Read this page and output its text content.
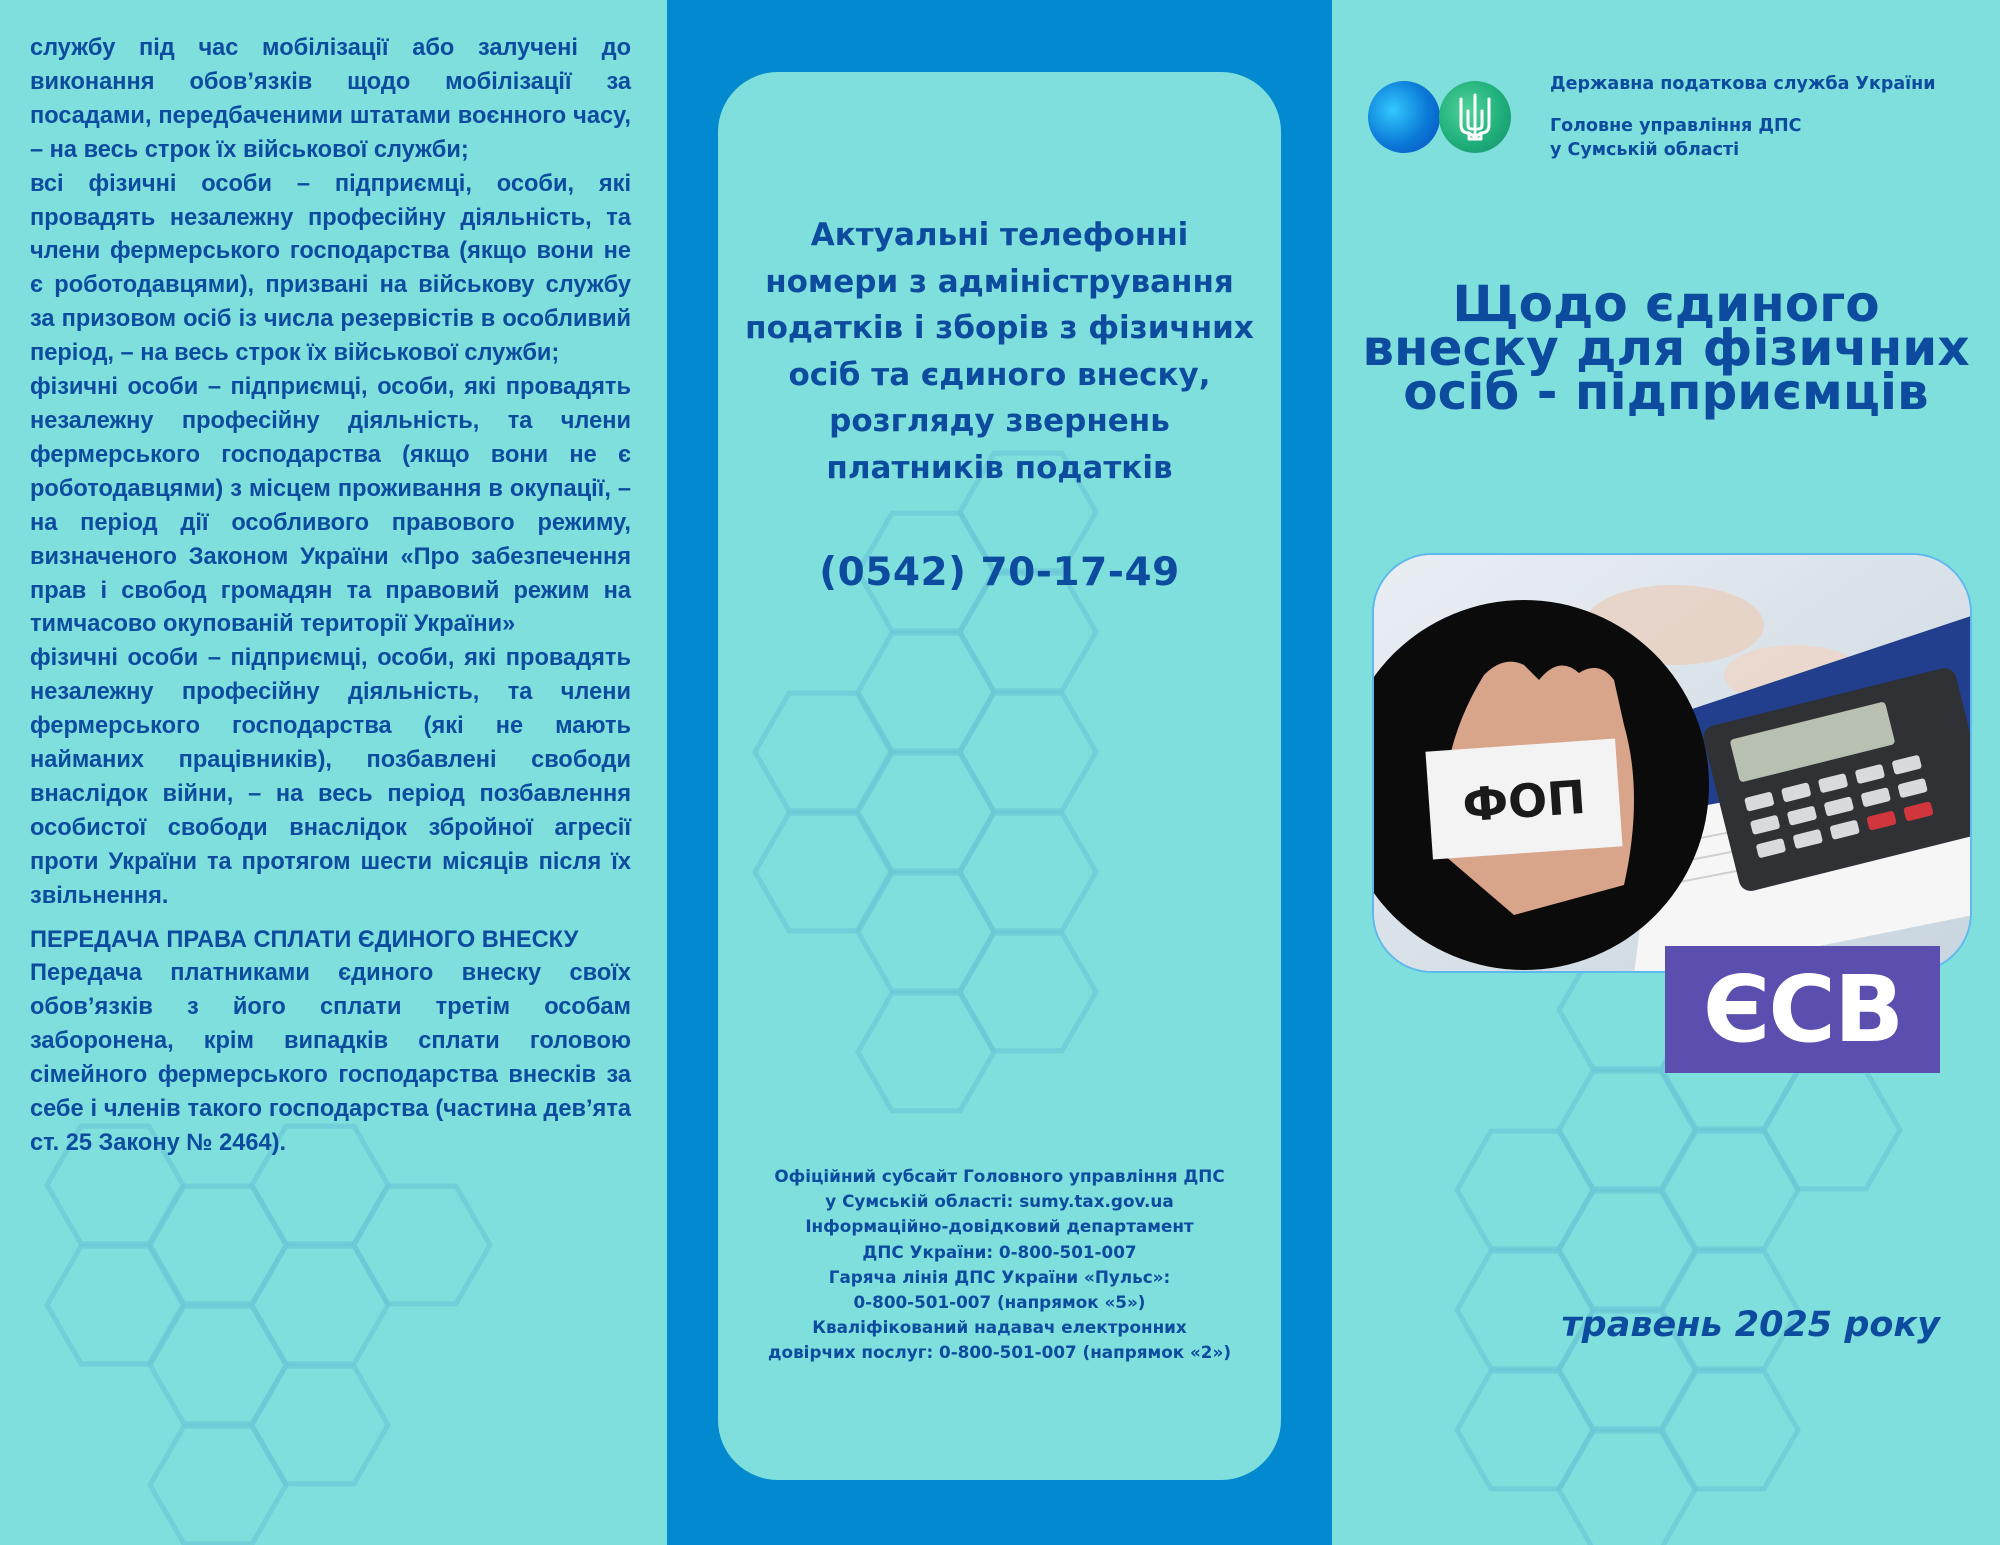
службу під час мобілізації або залучені до виконання обов’язків щодо мобілізації за посадами, передбаченими штатами воєнного часу, – на весь строк їх військової служби;

всі фізичні особи – підприємці, особи, які провадять незалежну професійну діяльність, та члени фермерського господарства (якщо вони не є роботодавцями), призвані на військову службу за призовом осіб із числа резервістів в особливий період, – на весь строк їх військової служби;

фізичні особи – підприємці, особи, які провадять незалежну професійну діяльність, та члени фермерського господарства (якщо вони не є роботодавцями) з місцем проживання в окупації, – на період дії особливого правового режиму, визначеного Законом України «Про забезпечення прав і свобод громадян та правовий режим на тимчасово окупованій території України»

фізичні особи – підприємці, особи, які провадять незалежну професійну діяльність, та члени фермерського господарства (які не мають найманих працівників), позбавлені свободи внаслідок війни, – на весь період позбавлення особистої свободи внаслідок збройної агресії проти України та протягом шести місяців після їх звільнення.

ПЕРЕДАЧА ПРАВА СПЛАТИ ЄДИНОГО ВНЕСКУ

Передача платниками єдиного внеску своїх обов’язків з його сплати третім особам заборонена, крім випадків сплати головою сімейного фермерського господарства внесків за себе і членів такого господарства (частина дев’ята ст. 25 Закону № 2464).

Актуальні телефонні
номери з адміністрування
податків і зборів з фізичних
осіб та єдиного внеску,
розгляду звернень
платників податків
(0542) 70-17-49
Офіційний субсайт Головного управління ДПС
у Сумській області: sumy.tax.gov.ua
Інформаційно-довідковий департамент
ДПС України: 0-800-501-007
Гаряча лінія ДПС України «Пульс»:
0-800-501-007 (напрямок «5»)
Кваліфікований надавач електронних
довірчих послуг: 0-800-501-007 (напрямок «2»)
Державна податкова служба України
Головне управління ДПС
у Сумській області
Щодо єдиного
внеску для фізичних
осіб - підприємців
ФОП
ЄСВ
травень 2025 року
